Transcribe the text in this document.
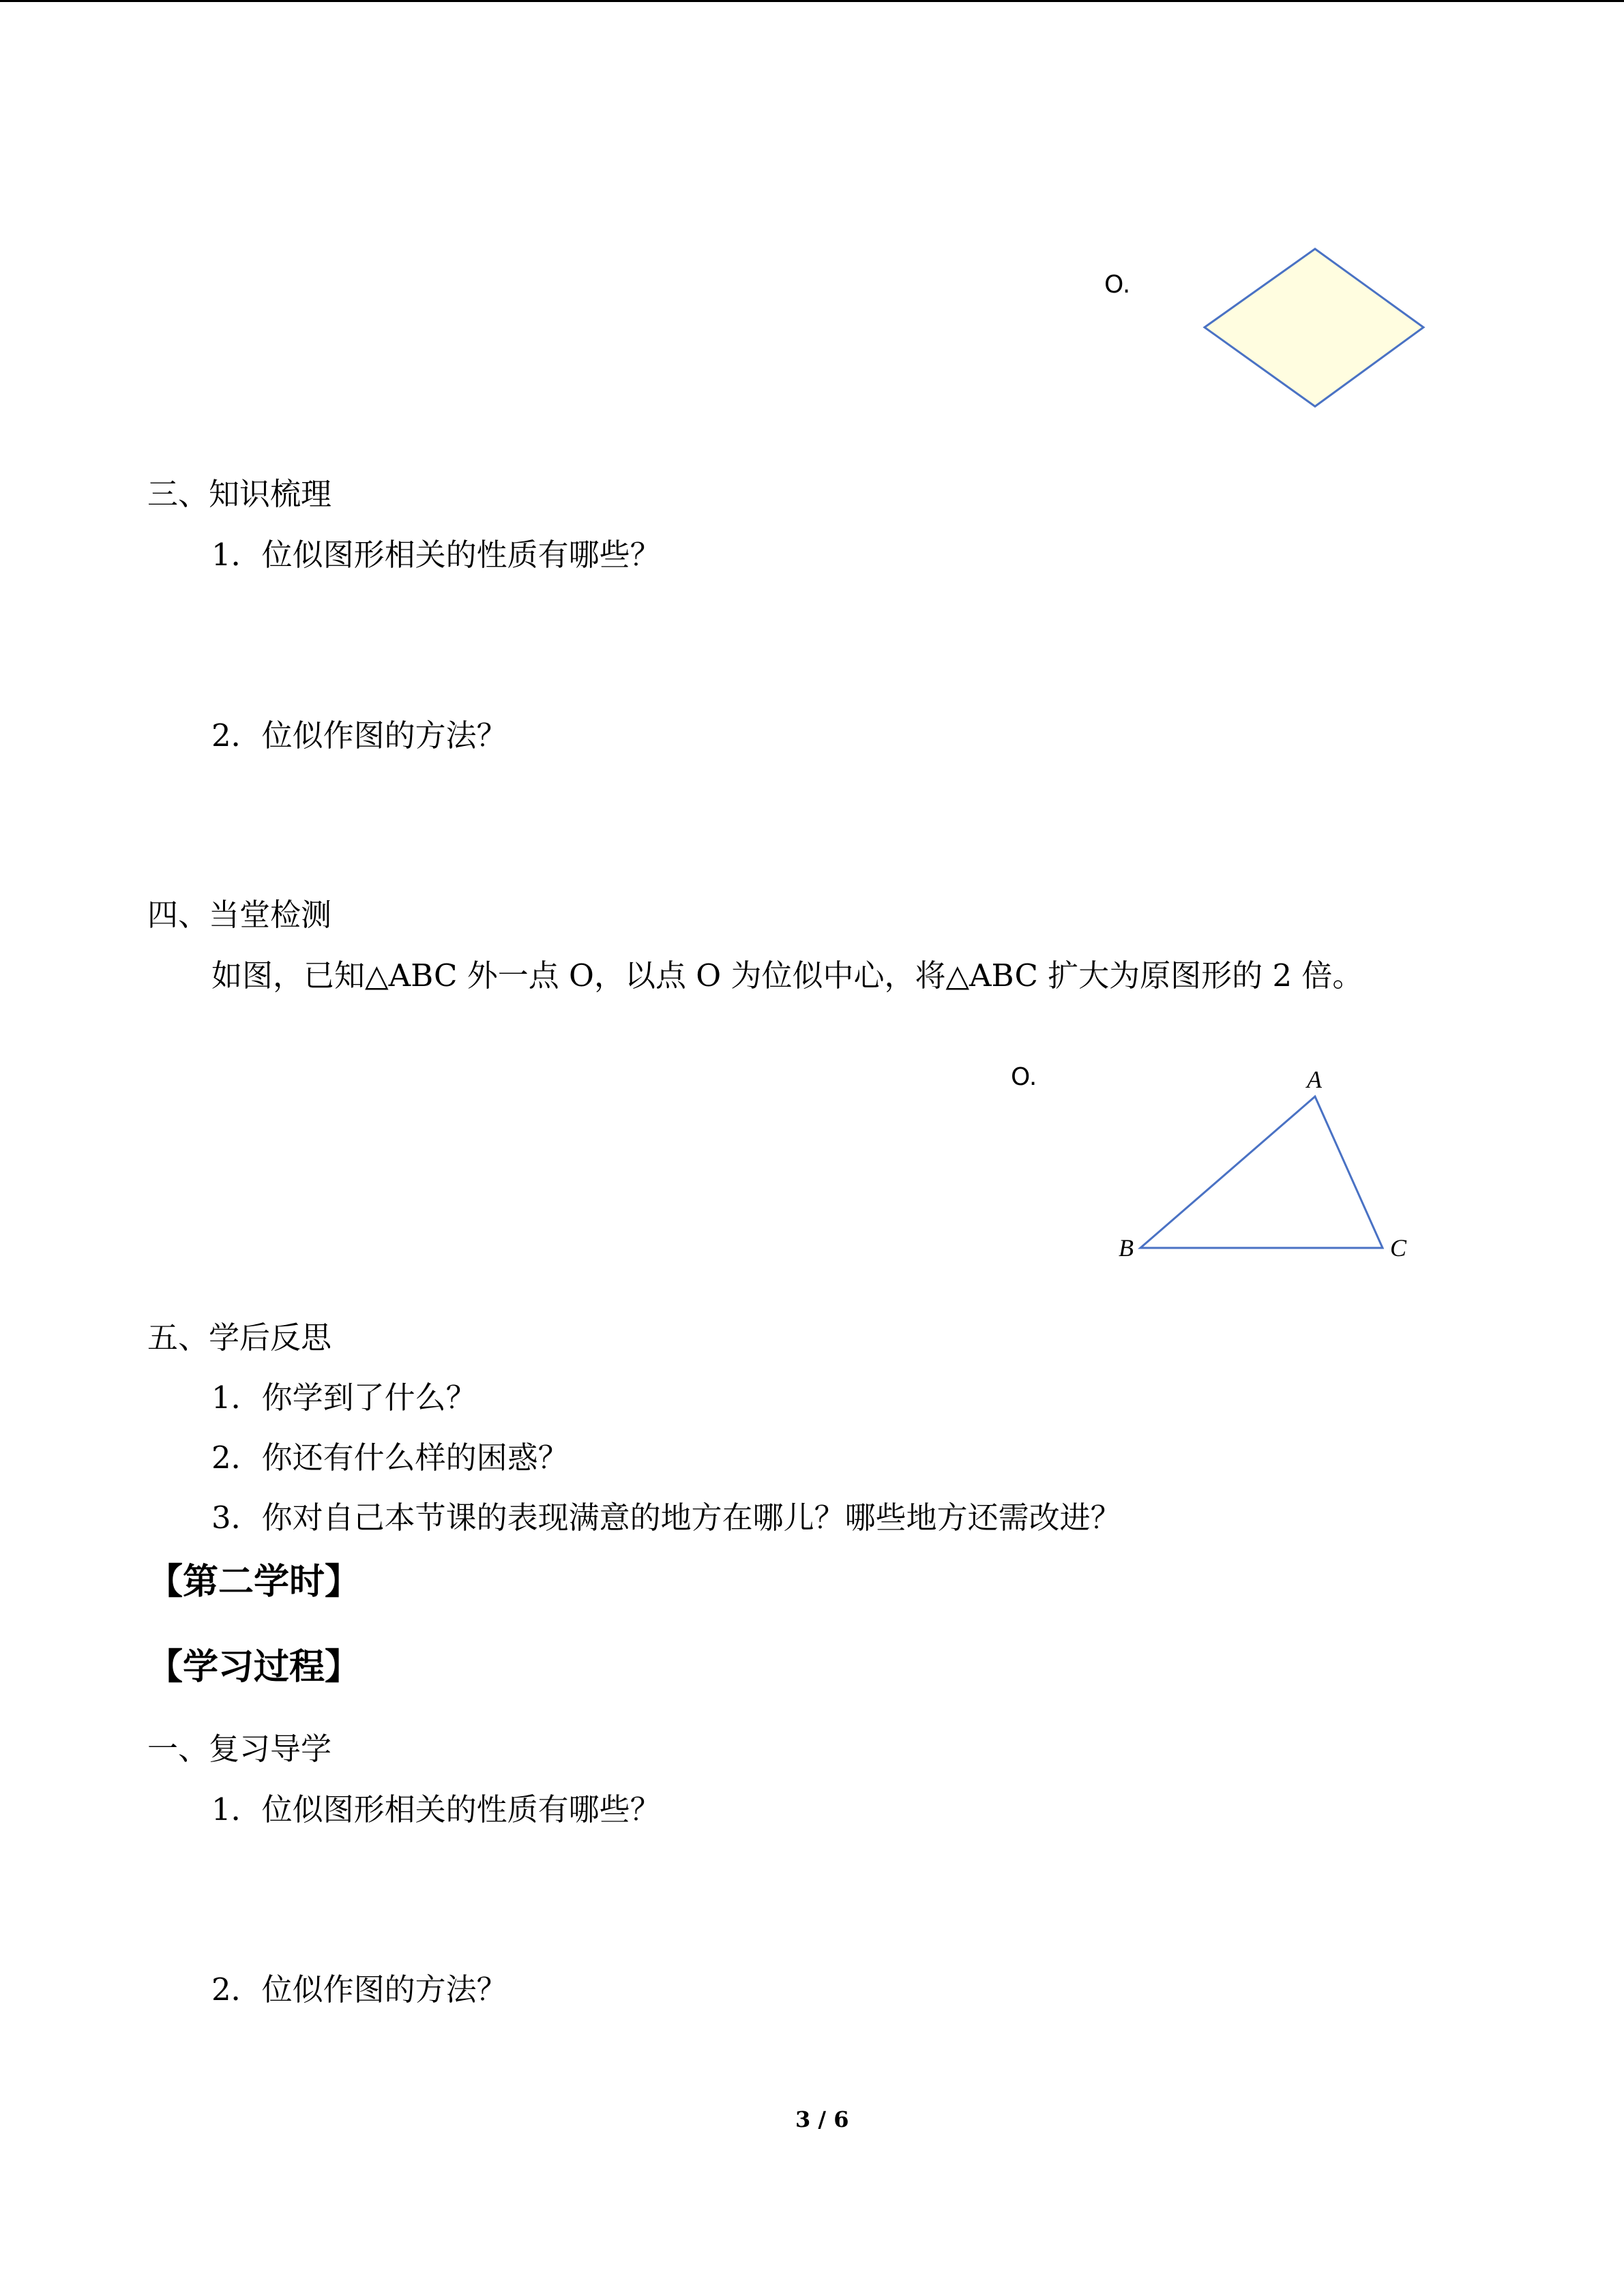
O.
三、知识梳理
1．位似图形相关的性质有哪些？
2．位似作图的方法？
四、当堂检测
如图，已知△ABC 外一点 O，以点 O 为位似中心，将△ABC 扩大为原图形的 2 倍。
O.	A
B	C
五、学后反思
1．你学到了什么？
2．你还有什么样的困惑？
3．你对自己本节课的表现满意的地方在哪儿？哪些地方还需改进？
【第二学时】
【学习过程】
一、复习导学
1．位似图形相关的性质有哪些？
2．位似作图的方法？
3 / 6
